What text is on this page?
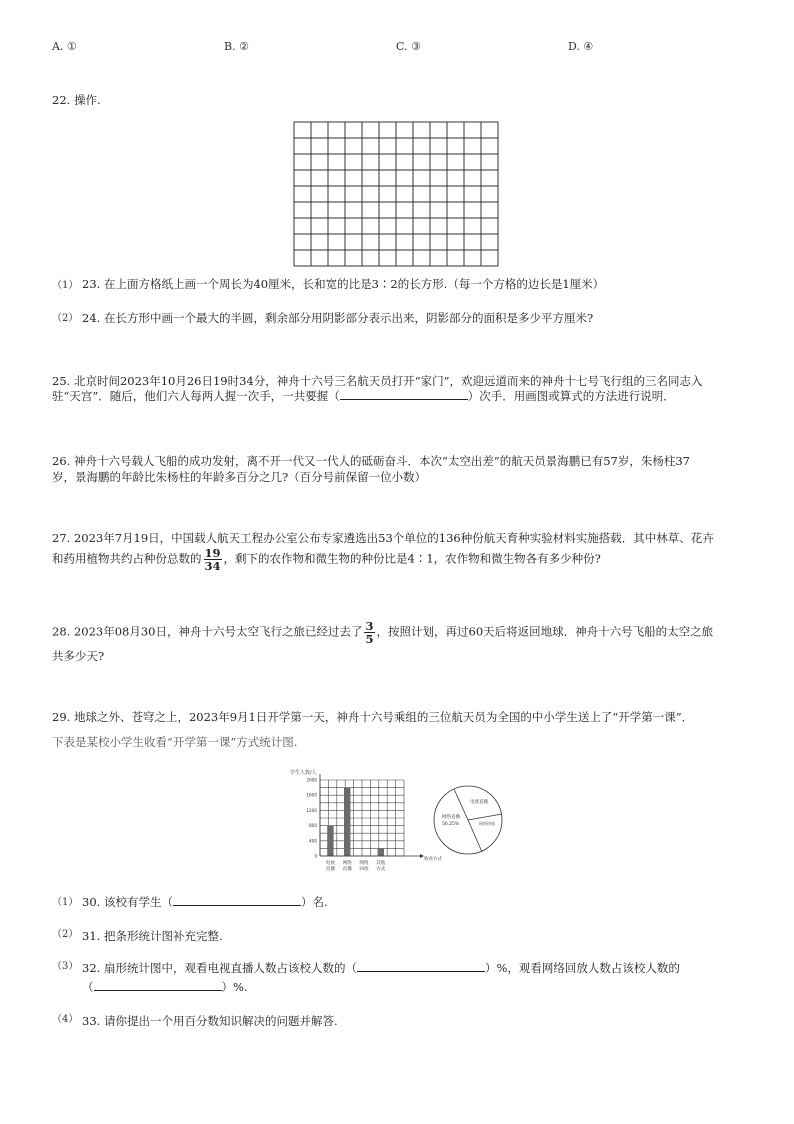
A. ①	B. ②	C. ③	D. ④
22. 操作.
（1） 23. 在上面方格纸上画一个周长为40厘米，长和宽的比是3∶2的长方形.（每一个方格的边长是1厘米）
（2） 24. 在长方形中画一个最大的半圆，剩余部分用阴影部分表示出来，阴影部分的面积是多少平方厘米?
25. 北京时间2023年10月26日19时34分，神舟十六号三名航天员打开“家门”，欢迎远道而来的神舟十七号飞行组的三名同志入
驻“天宫”．随后，他们六人每两人握一次手，一共要握（	）次手．用画图或算式的方法进行说明．
26. 神舟十六号载人飞船的成功发射，离不开一代又一代人的砥砺奋斗．本次“太空出差”的航天员景海鹏已有57岁，朱杨柱37
岁，景海鹏的年龄比朱杨柱的年龄多百分之几?（百分号前保留一位小数）
27. 2023年7月19日，中国载人航天工程办公室公布专家遴选出53个单位的136种份航天育种实验材料实施搭载．其中林草、花卉
和药用植物共约占种份总数的 $\frac{19}{34}$ ，剩下的农作物和微生物的种份比是4∶1，农作物和微生物各有多少种份?
28. 2023年08月30日，神舟十六号太空飞行之旅已经过去了 $\frac{3}{5}$ ，按照计划，再过60天后将返回地球．神舟十六号飞船的太空之旅
共多少天?
29. 地球之外、苍穹之上，2023年9月1日开学第一天，神舟十六号乘组的三位航天员为全国的中小学生送上了“开学第一课”．
下表是某校小学生收看“开学第一课”方式统计图.
学生人数/人
0
400
800
1200
1600
2000
电视
直播
网络
直播
网络
回放
其他
方式
收看方式
电视直播
网络回放
网络直播
56.25%
（1） 30. 该校有学生（	）名.
（2） 31. 把条形统计图补充完整.
（3） 32. 扇形统计图中，观看电视直播人数占该校人数的（	）%，观看网络回放人数占该校人数的
（	）%.
（4） 33. 请你提出一个用百分数知识解决的问题并解答.
